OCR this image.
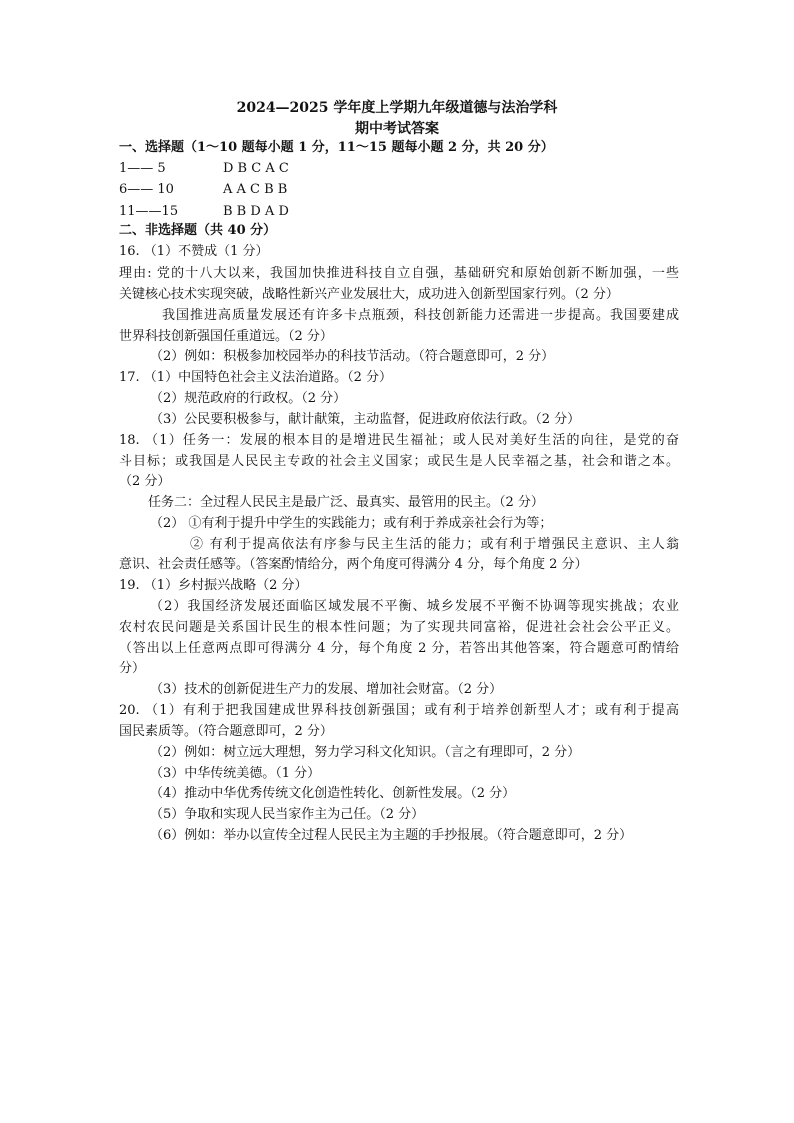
2024—2025 学年度上学期九年级道德与法治学科
期中考试答案
一、选择题（1～10 题每小题 1 分，11～15 题每小题 2 分，共 20 分）
1—— 5	D B C A C
6—— 10	A A C B B
11——15	B B D A D
二、非选择题（共 40 分）
16. （1）不赞成（1 分）
理由: 党的十八大以来，我国加快推进科技自立自强，基础研究和原始创新不断加强，一些
关键核心技术实现突破，战略性新兴产业发展壮大，成功进入创新型国家行列。（2 分）
我国推进高质量发展还有许多卡点瓶颈，科技创新能力还需进一步提高。我国要建成
世界科技创新强国任重道远。（2 分）
（2）例如：积极参加校园举办的科技节活动。（符合题意即可，2 分）
17. （1）中国特色社会主义法治道路。（2 分）
（2）规范政府的行政权。（2 分）
（3）公民要积极参与，献计献策，主动监督，促进政府依法行政。（2 分）
18. （1）任务一：发展的根本目的是增进民生福祉；或人民对美好生活的向往，是党的奋
斗目标；或我国是人民民主专政的社会主义国家；或民生是人民幸福之基，社会和谐之本。
（2 分）
任务二：全过程人民民主是最广泛、最真实、最管用的民主。（2 分）
（2） ①有利于提升中学生的实践能力；或有利于养成亲社会行为等；
② 有利于提高依法有序参与民主生活的能力；或有利于增强民主意识、主人翁
意识、社会责任感等。（答案酌情给分，两个角度可得满分 4 分，每个角度 2 分）
19. （1）乡村振兴战略（2 分）
（2）我国经济发展还面临区域发展不平衡、城乡发展不平衡不协调等现实挑战；农业
农村农民问题是关系国计民生的根本性问题；为了实现共同富裕，促进社会社会公平正义。
（答出以上任意两点即可得满分 4 分，每个角度 2 分，若答出其他答案，符合题意可酌情给
分）
（3）技术的创新促进生产力的发展、增加社会财富。（2 分）
20. （1）有利于把我国建成世界科技创新强国；或有利于培养创新型人才；或有利于提高
国民素质等。（符合题意即可，2 分）
（2）例如：树立远大理想，努力学习科文化知识。（言之有理即可，2 分）
（3）中华传统美德。（1 分）
（4）推动中华优秀传统文化创造性转化、创新性发展。（2 分）
（5）争取和实现人民当家作主为己任。（2 分）
（6）例如：举办以宣传全过程人民民主为主题的手抄报展。（符合题意即可，2 分）
